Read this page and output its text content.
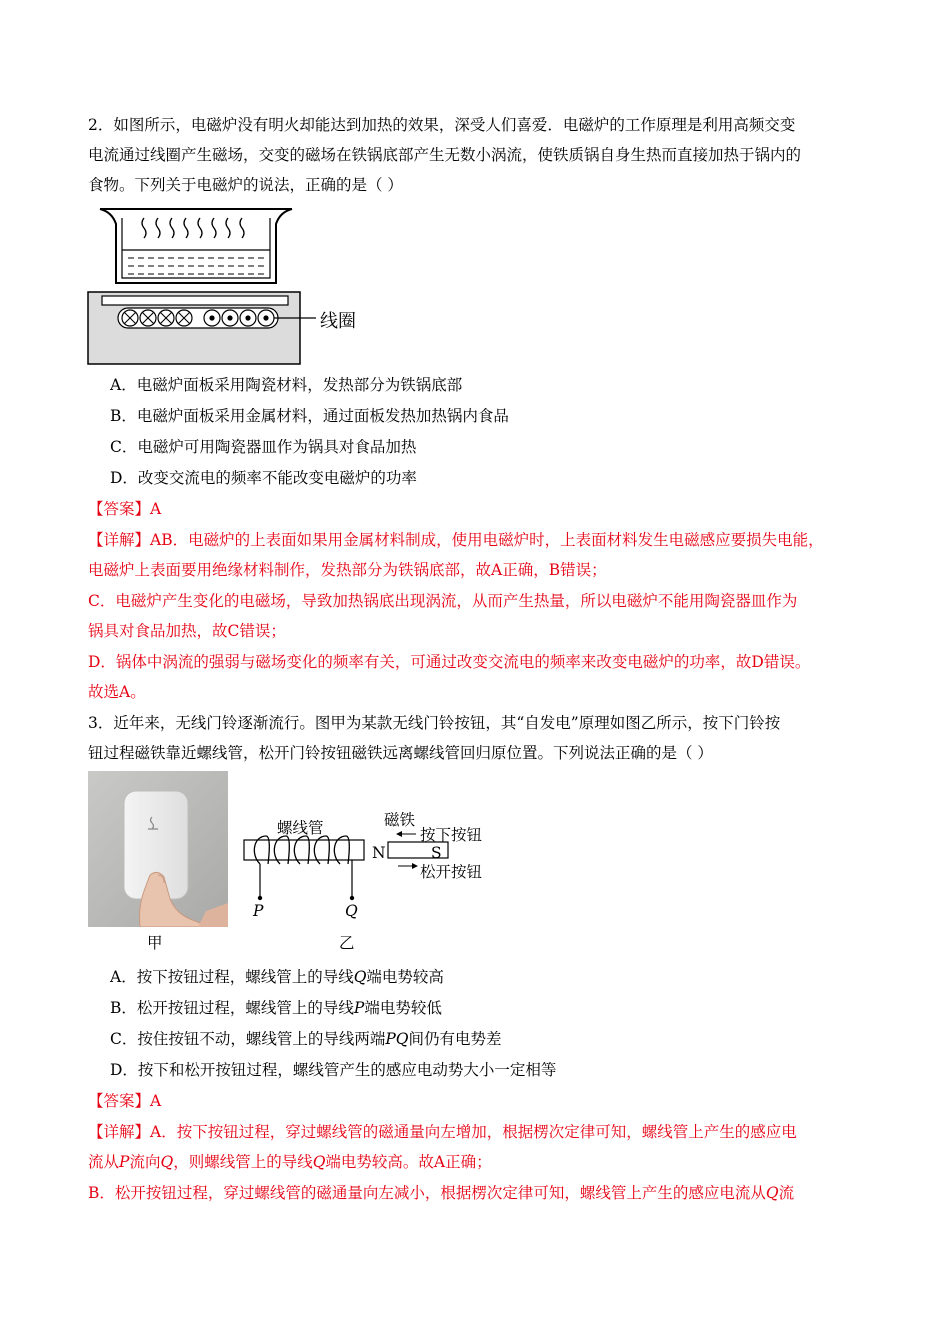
2．如图所示，电磁炉没有明火却能达到加热的效果，深受人们喜爱．电磁炉的工作原理是利用高频交变
电流通过线圈产生磁场，交变的磁场在铁锅底部产生无数小涡流，使铁质锅自身生热而直接加热于锅内的
食物。下列关于电磁炉的说法，正确的是（ ）
线圈
A．电磁炉面板采用陶瓷材料，发热部分为铁锅底部
B．电磁炉面板采用金属材料，通过面板发热加热锅内食品
C．电磁炉可用陶瓷器皿作为锅具对食品加热
D．改变交流电的频率不能改变电磁炉的功率
【答案】A
【详解】AB．电磁炉的上表面如果用金属材料制成，使用电磁炉时，上表面材料发生电磁感应要损失电能，
电磁炉上表面要用绝缘材料制作，发热部分为铁锅底部，故A正确，B错误；
C．电磁炉产生变化的电磁场，导致加热锅底出现涡流，从而产生热量，所以电磁炉不能用陶瓷器皿作为
锅具对食品加热，故C错误；
D．锅体中涡流的强弱与磁场变化的频率有关，可通过改变交流电的频率来改变电磁炉的功率，故D错误。
故选A。
3．近年来，无线门铃逐渐流行。图甲为某款无线门铃按钮，其“自发电”原理如图乙所示，按下门铃按
钮过程磁铁靠近螺线管，松开门铃按钮磁铁远离螺线管回归原位置。下列说法正确的是（ ）
甲
螺线管	磁铁
按下按钮
N	S
松开按钮
P	Q
乙
A．按下按钮过程，螺线管上的导线Q端电势较高
B．松开按钮过程，螺线管上的导线P端电势较低
C．按住按钮不动，螺线管上的导线两端PQ间仍有电势差
D．按下和松开按钮过程，螺线管产生的感应电动势大小一定相等
【答案】A
【详解】A．按下按钮过程，穿过螺线管的磁通量向左增加，根据楞次定律可知，螺线管上产生的感应电
流从P流向Q，则螺线管上的导线Q端电势较高。故A正确；
B．松开按钮过程，穿过螺线管的磁通量向左减小，根据楞次定律可知，螺线管上产生的感应电流从Q流
